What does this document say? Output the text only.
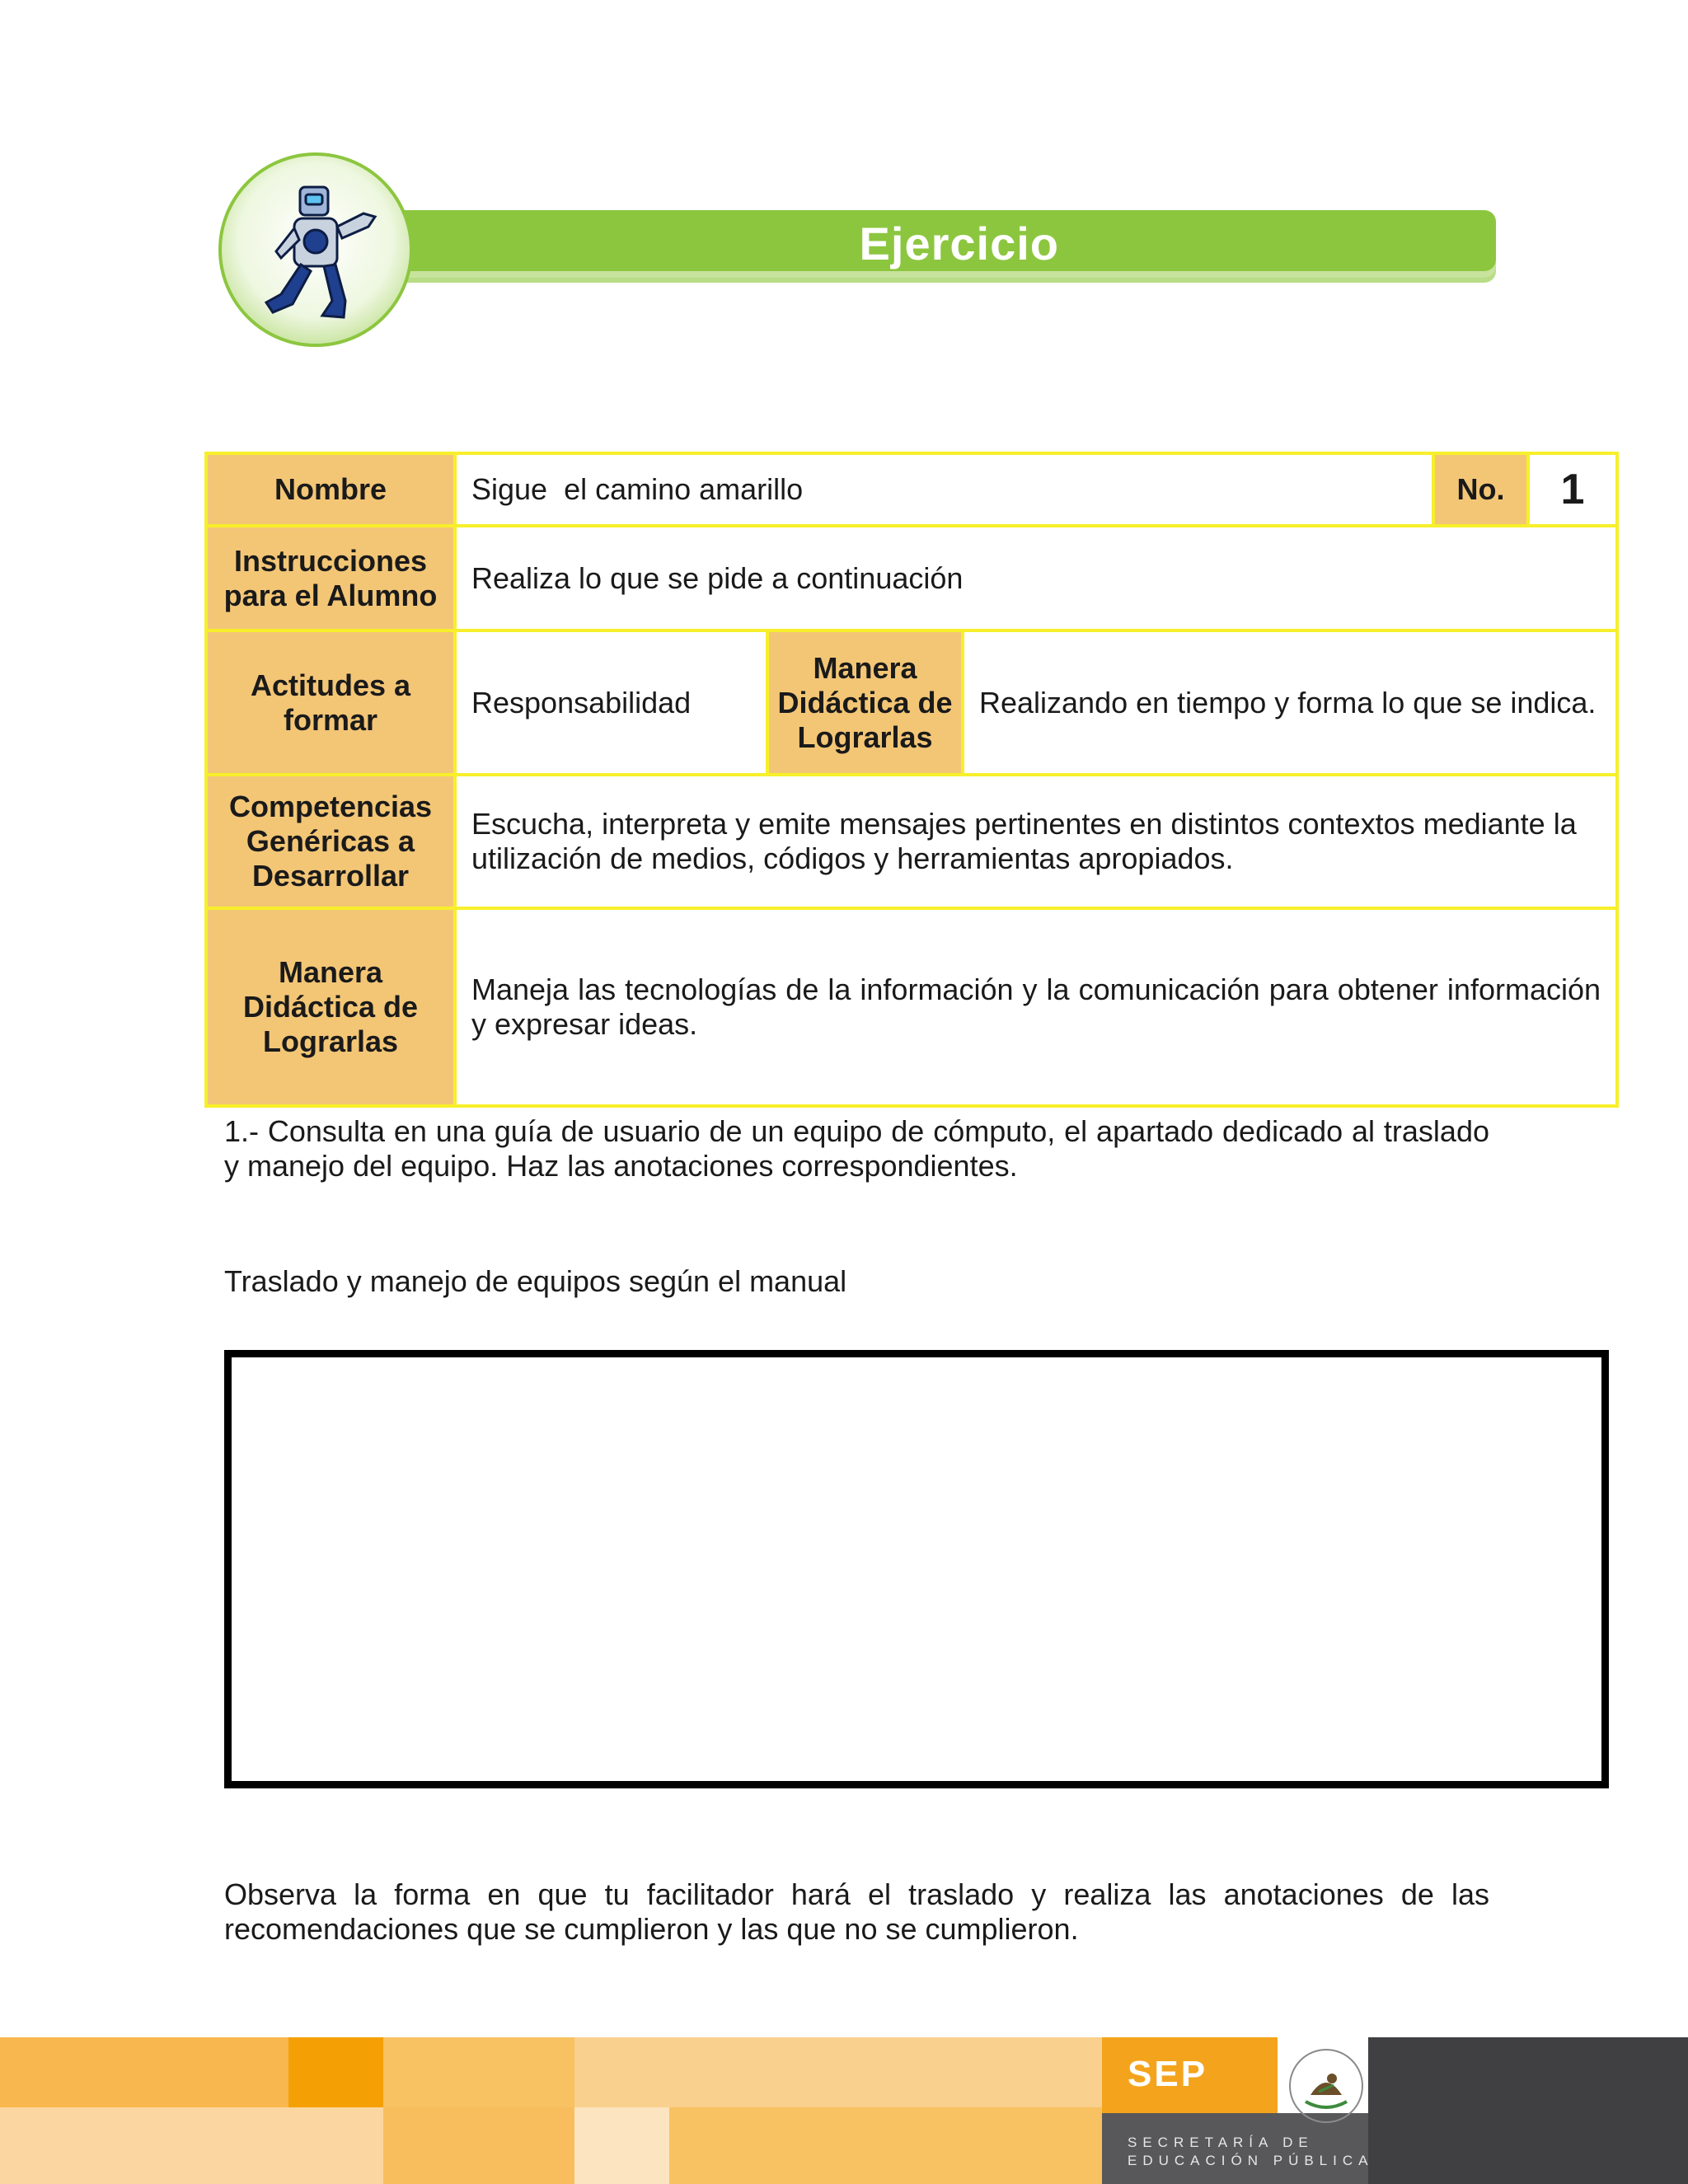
Ejercicio
Nombre	Sigue  el camino amarillo			No.	1
Instrucciones para el Alumno	Realiza lo que se pide a continuación				
Actitudes a formar	Responsabilidad	Manera Didáctica de Lograrlas	Realizando en tiempo y forma lo que se indica.		
Competencias Genéricas a Desarrollar	Escucha, interpreta y emite mensajes pertinentes en distintos contextos mediante la utilización de medios, códigos y herramientas apropiados.				
Manera Didáctica de Lograrlas	Maneja las tecnologías de la información y la comunicación para obtener información y expresar ideas.				
1.- Consulta en una guía de usuario de un equipo de cómputo, el apartado dedicado al traslado y manejo del equipo. Haz las anotaciones correspondientes.
Traslado y manejo de equipos según el manual
Observa la forma en que tu facilitador hará el traslado y realiza las anotaciones de las recomendaciones que se cumplieron y las que no se cumplieron.
SEP
SECRETARÍA DE
EDUCACIÓN PÚBLICA
